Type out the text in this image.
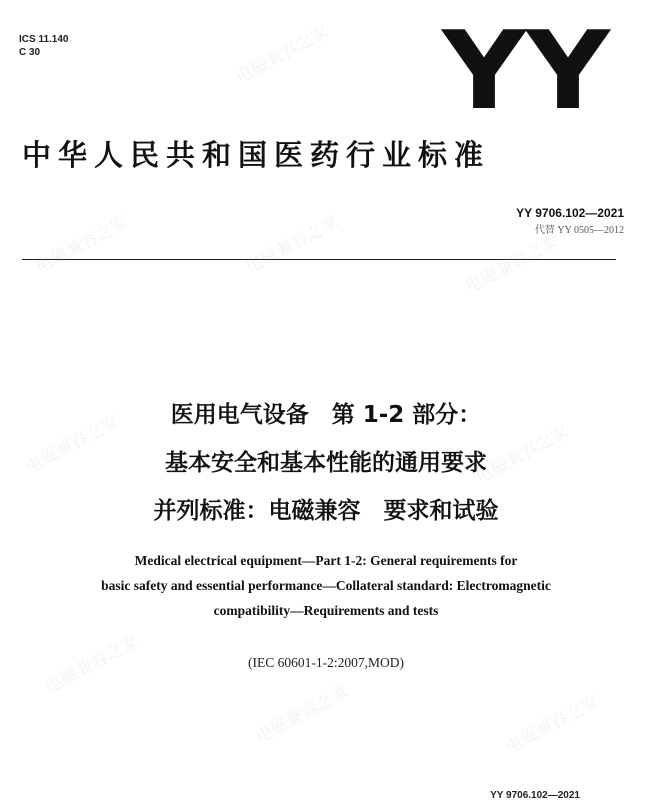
ICS 11.140
C 30	YY
中华人民共和国医药行业标准
YY 9706.102—2021
代替 YY 0505—2012
医用电气设备　第 1-2 部分：
基本安全和基本性能的通用要求
并列标准：电磁兼容　要求和试验
Medical electrical equipment—Part 1-2: General requirements for
basic safety and essential performance—Collateral standard: Electromagnetic
compatibility—Requirements and tests
(IEC 60601-1-2:2007,MOD)
YY 9706.102—2021
电磁兼容之家
电磁兼容之家	电磁兼容之家	电磁兼容之家
电磁兼容之家	电磁兼容之家
电磁兼容之家
电磁兼容之家	电磁兼容之家
